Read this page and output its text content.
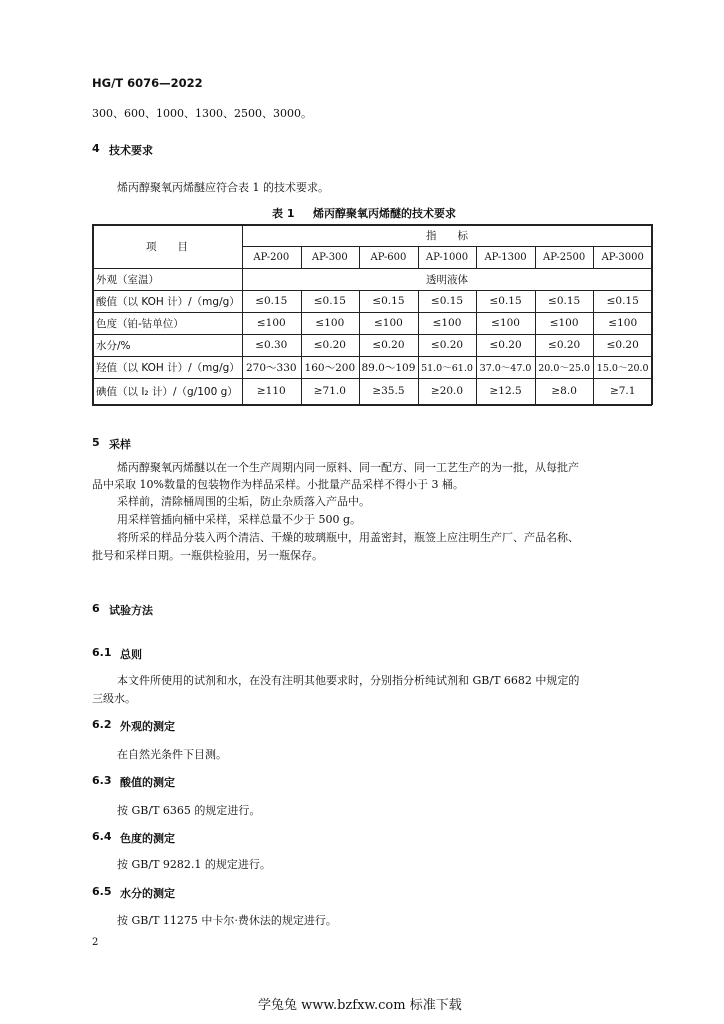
HG/T 6076—2022
300、600、1000、1300、2500、3000。
4 技术要求
烯丙醇聚氧丙烯醚应符合表 1 的技术要求。
表 1 烯丙醇聚氧丙烯醚的技术要求
项　　目
指　　标
AP-200	AP-300	AP-600	AP-1000	AP-1300	AP-2500	AP-3000
外观（室温）	透明液体
酸值（以 KOH 计）/（mg/g）	≤0.15	≤0.15	≤0.15	≤0.15	≤0.15	≤0.15	≤0.15
色度（铂-钴单位）	≤100	≤100	≤100	≤100	≤100	≤100	≤100
水分/%	≤0.30	≤0.20	≤0.20	≤0.20	≤0.20	≤0.20	≤0.20
羟值（以 KOH 计）/（mg/g） 270～330 160～200 89.0～109 51.0～61.0 37.0～47.0 20.0～25.0 15.0～20.0
碘值（以 I₂ 计）/（g/100 g）	≥110	≥71.0	≥35.5	≥20.0	≥12.5	≥8.0	≥7.1
5 采样
烯丙醇聚氧丙烯醚以在一个生产周期内同一原料、同一配方、同一工艺生产的为一批，从每批产
品中采取 10%数量的包装物作为样品采样。小批量产品采样不得小于 3 桶。
采样前，清除桶周围的尘垢，防止杂质落入产品中。
用采样管插向桶中采样，采样总量不少于 500 g。
将所采的样品分装入两个清洁、干燥的玻璃瓶中，用盖密封，瓶签上应注明生产厂、产品名称、
批号和采样日期。一瓶供检验用，另一瓶保存。
6 试验方法
6.1 总则
本文件所使用的试剂和水，在没有注明其他要求时，分别指分析纯试剂和 GB/T 6682 中规定的
三级水。
6.2 外观的测定
在自然光条件下目测。
6.3 酸值的测定
按 GB/T 6365 的规定进行。
6.4 色度的测定
按 GB/T 9282.1 的规定进行。
6.5 水分的测定
按 GB/T 11275 中卡尔·费休法的规定进行。
2
学兔兔 www.bzfxw.com 标准下载
